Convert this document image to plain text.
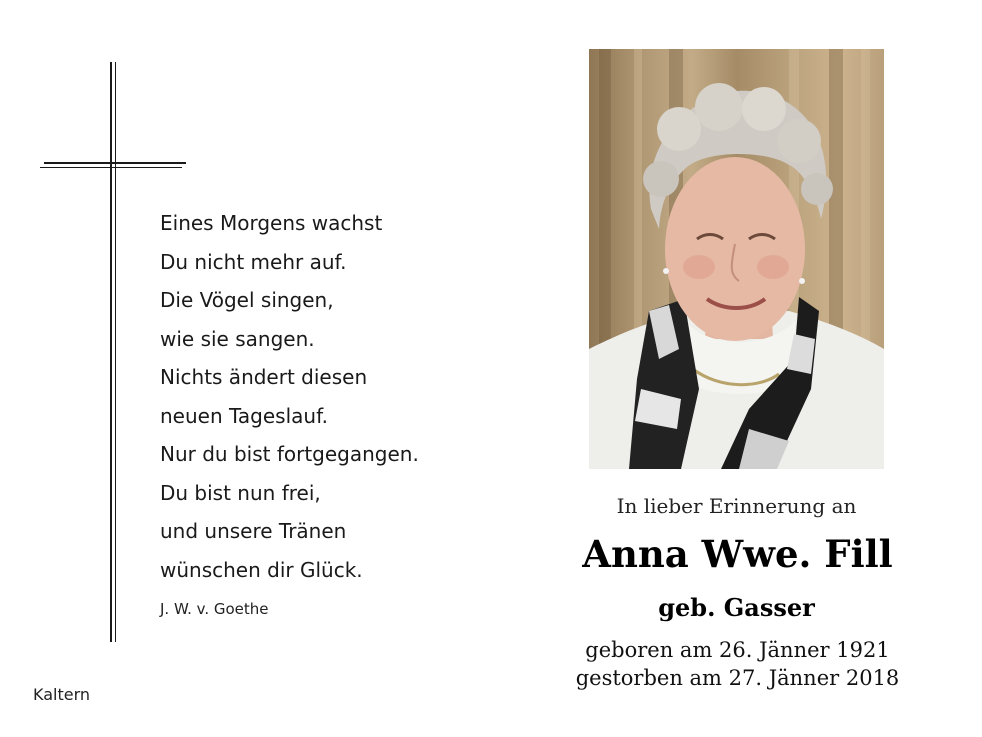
Eines Morgens wachst
Du nicht mehr auf.
Die Vögel singen,
wie sie sangen.
Nichts ändert diesen
neuen Tageslauf.
Nur du bist fortgegangen.
Du bist nun frei,
und unsere Tränen
wünschen dir Glück.
J. W. v. Goethe
Kaltern
In lieber Erinnerung an
Anna Wwe. Fill
geb. Gasser
geboren am 26. Jänner 1921
gestorben am 27. Jänner 2018
